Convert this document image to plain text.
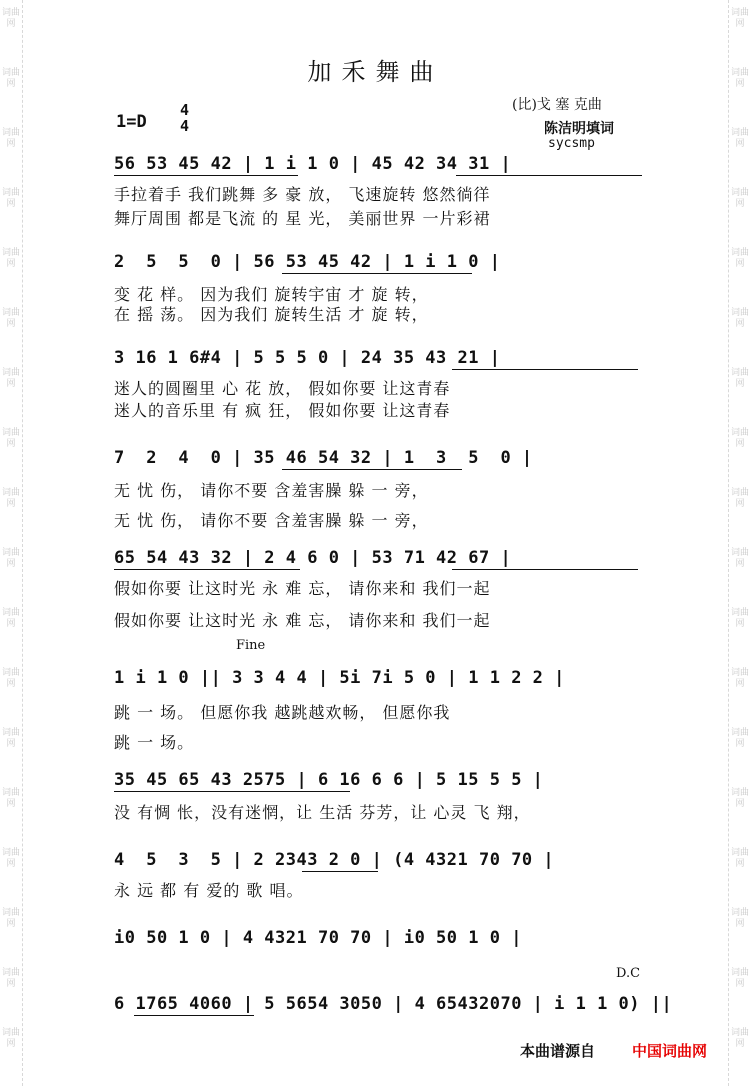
词曲网
词曲网
词曲网
词曲网
词曲网
词曲网
词曲网
词曲网
词曲网
词曲网
词曲网
词曲网
词曲网
词曲网
词曲网
词曲网
词曲网
词曲网
词曲网
词曲网
词曲网
词曲网
词曲网
词曲网
词曲网
词曲网
词曲网
词曲网
词曲网
词曲网
词曲网
词曲网
词曲网
词曲网
词曲网
词曲网
加禾舞曲
1=D
4
4
(比)戈 塞 克曲
陈洁明填词
sycsmp
56 53 45 42 | 1 i 1 0 | 45 42 34 31 |
手拉着手 我们跳舞 多 豪 放， 飞速旋转 悠然徜徉
舞厅周围 都是飞流 的 星 光， 美丽世界 一片彩裙
2  5  5  0 | 56 53 45 42 | 1 i 1 0 |
变 花 样。 因为我们 旋转宇宙 才 旋 转，
在 摇 荡。 因为我们 旋转生活 才 旋 转，
3 16 1 6#4 | 5 5 5 0 | 24 35 43 21 |
迷人的圆圈里 心 花 放， 假如你要 让这青春
迷人的音乐里 有 疯 狂， 假如你要 让这青春
7  2  4  0 | 35 46 54 32 | 1  3  5  0 |
无 忧 伤， 请你不要 含羞害臊 躲 一 旁，
无 忧 伤， 请你不要 含羞害臊 躲 一 旁，
65 54 43 32 | 2 4 6 0 | 53 71 42 67 |
假如你要 让这时光 永 难 忘， 请你来和 我们一起
假如你要 让这时光 永 难 忘， 请你来和 我们一起
Fine
1 i 1 0 || 3 3 4 4 | 5i 7i 5 0 | 1 1 2 2 |
跳 一 场。 但愿你我 越跳越欢畅， 但愿你我
跳 一 场。
35 45 65 43 2575 | 6 16 6 6 | 5 15 5 5 |
没 有惆 怅，没有迷惘，让 生活 芬芳，让 心灵 飞 翔，
4  5  3  5 | 2 2343 2 0 | (4 4321 70 70 |
永 远 都 有 爱的 歌 唱。
i0 50 1 0 | 4 4321 70 70 | i0 50 1 0 |
D.C
6 1765 4060 | 5 5654 3050 | 4 65432070 | i 1 1 0) ||
本曲谱源自 中国词曲网
